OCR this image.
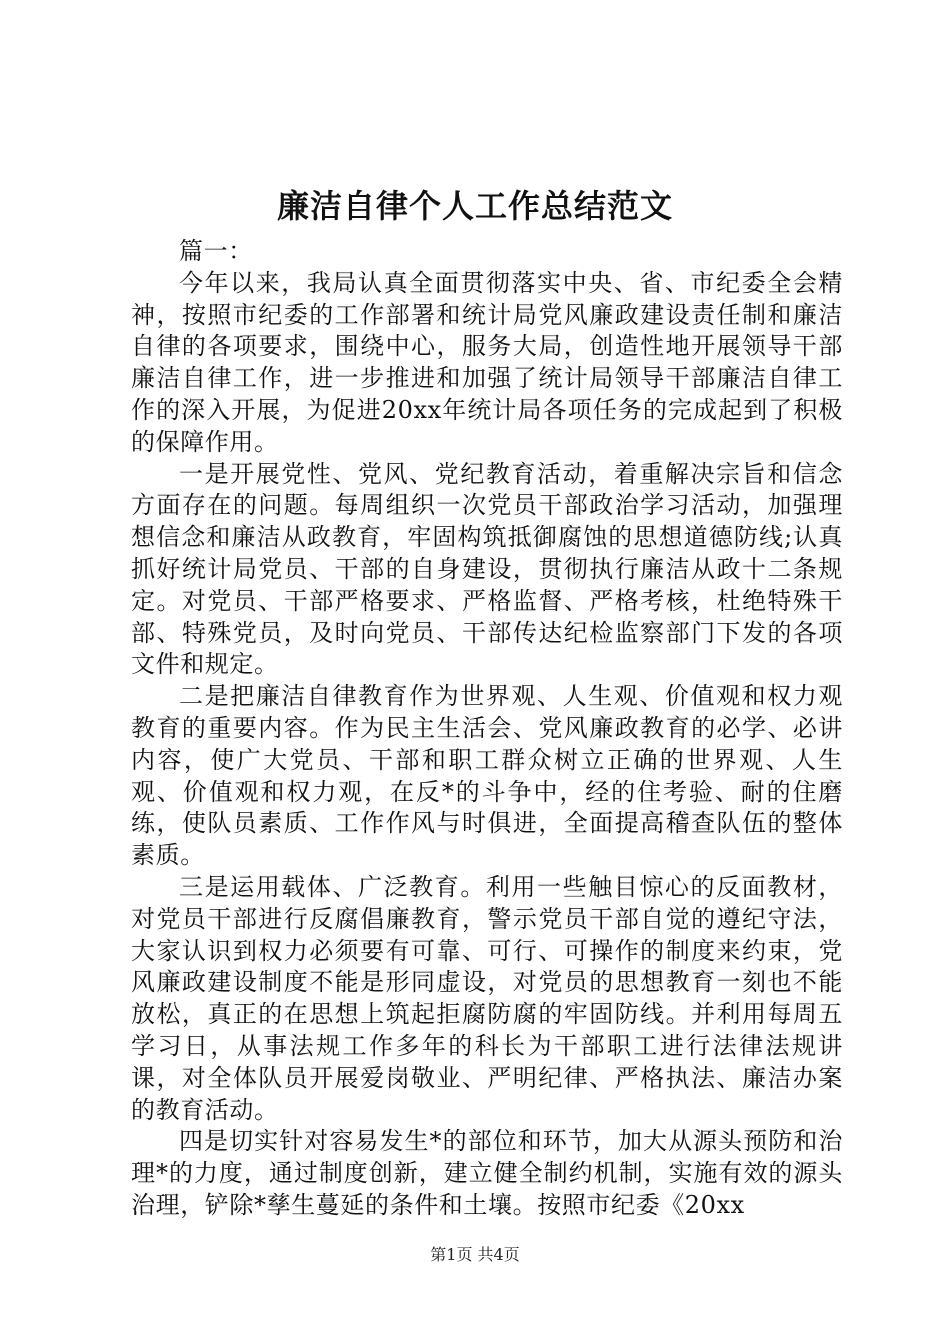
廉洁自律个人工作总结范文

篇一：

今年以来，我局认真全面贯彻落实中央、省、市纪委全会精神，按照市纪委的工作部署和统计局党风廉政建设责任制和廉洁自律的各项要求，围绕中心，服务大局，创造性地开展领导干部廉洁自律工作，进一步推进和加强了统计局领导干部廉洁自律工作的深入开展，为促进20xx年统计局各项任务的完成起到了积极的保障作用。

一是开展党性、党风、党纪教育活动，着重解决宗旨和信念方面存在的问题。每周组织一次党员干部政治学习活动，加强理想信念和廉洁从政教育，牢固构筑抵御腐蚀的思想道德防线;认真抓好统计局党员、干部的自身建设，贯彻执行廉洁从政十二条规定。对党员、干部严格要求、严格监督、严格考核，杜绝特殊干部、特殊党员，及时向党员、干部传达纪检监察部门下发的各项文件和规定。

二是把廉洁自律教育作为世界观、人生观、价值观和权力观教育的重要内容。作为民主生活会、党风廉政教育的必学、必讲内容，使广大党员、干部和职工群众树立正确的世界观、人生观、价值观和权力观，在反*的斗争中，经的住考验、耐的住磨练，使队员素质、工作作风与时俱进，全面提高稽查队伍的整体素质。

三是运用载体、广泛教育。利用一些触目惊心的反面教材，对党员干部进行反腐倡廉教育，警示党员干部自觉的遵纪守法，大家认识到权力必须要有可靠、可行、可操作的制度来约束，党风廉政建设制度不能是形同虚设，对党员的思想教育一刻也不能放松，真正的在思想上筑起拒腐防腐的牢固防线。并利用每周五学习日，从事法规工作多年的科长为干部职工进行法律法规讲课，对全体队员开展爱岗敬业、严明纪律、严格执法、廉洁办案的教育活动。

四是切实针对容易发生*的部位和环节，加大从源头预防和治理*的力度，通过制度创新，建立健全制约机制，实施有效的源头治理，铲除*孳生蔓延的条件和土壤。按照市纪委《20xx

第1页 共4页
